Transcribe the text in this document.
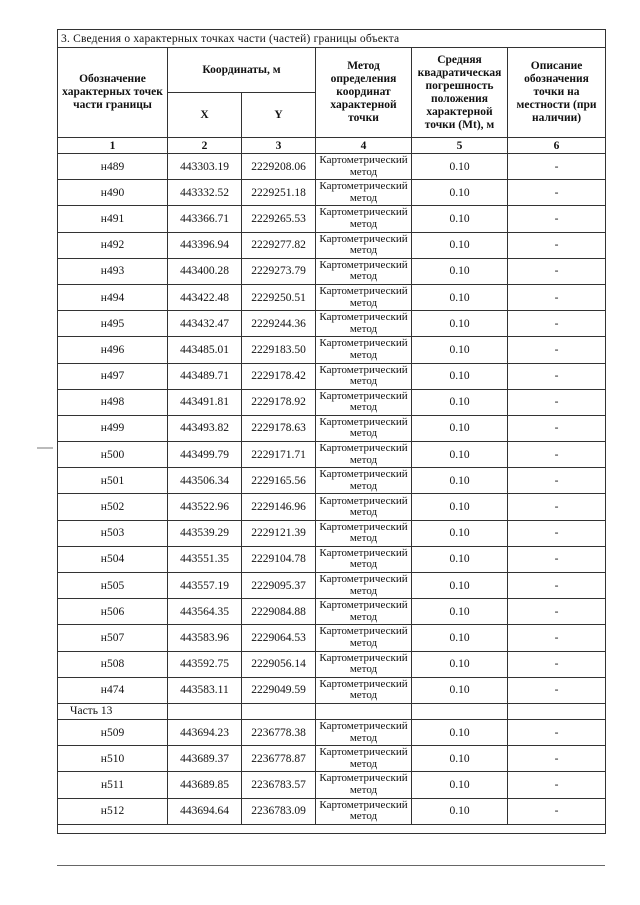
3. Сведения о характерных точках части (частей) границы объекта					
Обозначение характерных точек части границы	Координаты, м		Метод определения координат характерной точки	Средняя квадратическая погрешность положения характерной точки (Mt), м	Описание обозначения точки на местности (при наличии)
	X	Y			
1	2	3	4	5	6
н489	443303.19	2229208.06	Картометрический метод	0.10	-
н490	443332.52	2229251.18	Картометрический метод	0.10	-
н491	443366.71	2229265.53	Картометрический метод	0.10	-
н492	443396.94	2229277.82	Картометрический метод	0.10	-
н493	443400.28	2229273.79	Картометрический метод	0.10	-
н494	443422.48	2229250.51	Картометрический метод	0.10	-
н495	443432.47	2229244.36	Картометрический метод	0.10	-
н496	443485.01	2229183.50	Картометрический метод	0.10	-
н497	443489.71	2229178.42	Картометрический метод	0.10	-
н498	443491.81	2229178.92	Картометрический метод	0.10	-
н499	443493.82	2229178.63	Картометрический метод	0.10	-
н500	443499.79	2229171.71	Картометрический метод	0.10	-
н501	443506.34	2229165.56	Картометрический метод	0.10	-
н502	443522.96	2229146.96	Картометрический метод	0.10	-
н503	443539.29	2229121.39	Картометрический метод	0.10	-
н504	443551.35	2229104.78	Картометрический метод	0.10	-
н505	443557.19	2229095.37	Картометрический метод	0.10	-
н506	443564.35	2229084.88	Картометрический метод	0.10	-
н507	443583.96	2229064.53	Картометрический метод	0.10	-
н508	443592.75	2229056.14	Картометрический метод	0.10	-
н474	443583.11	2229049.59	Картометрический метод	0.10	-
Часть 13					
н509	443694.23	2236778.38	Картометрический метод	0.10	-
н510	443689.37	2236778.87	Картометрический метод	0.10	-
н511	443689.85	2236783.57	Картометрический метод	0.10	-
н512	443694.64	2236783.09	Картометрический метод	0.10	-
